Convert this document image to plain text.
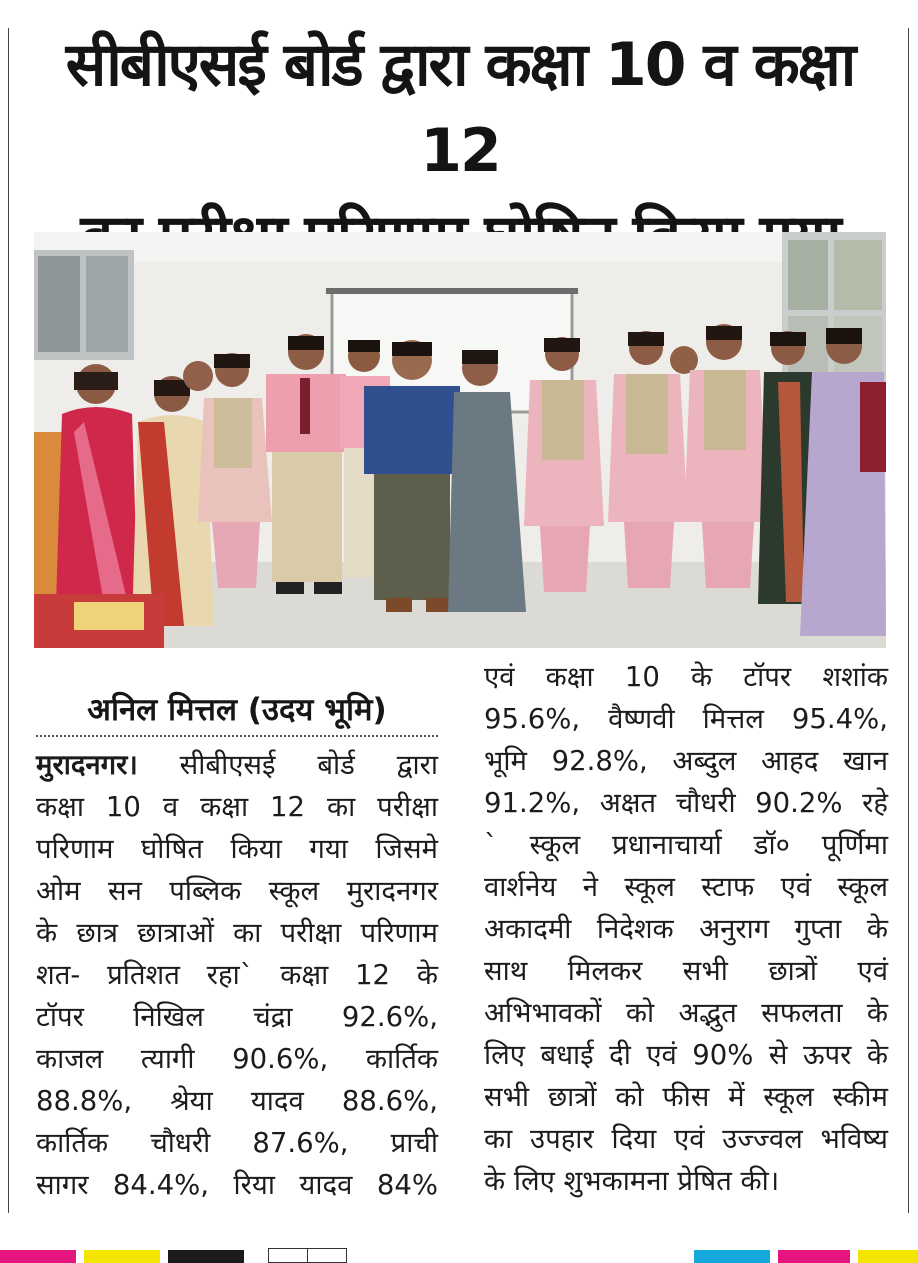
सीबीएसई बोर्ड द्वारा कक्षा 10 व कक्षा 12
अनिल मित्तल (उदय भूमि)

मुरादनगर। सीबीएसई बोर्ड द्वारा

कक्षा 10 व कक्षा 12 का परीक्षा

परिणाम घोषित किया गया जिसमे

ओम सन पब्लिक स्कूल मुरादनगर

के छात्र छात्राओं का परीक्षा परिणाम

शत- प्रतिशत रहा` कक्षा 12 के

टॉपर निखिल चंद्रा 92.6%,

काजल त्यागी 90.6%, कार्तिक

88.8%, श्रेया यादव 88.6%,

कार्तिक चौधरी 87.6%, प्राची

सागर 84.4%, रिया यादव 84%

एवं कक्षा 10 के टॉपर शशांक

95.6%, वैष्णवी मित्तल 95.4%,

भूमि 92.8%, अब्दुल आहद खान

91.2%, अक्षत चौधरी 90.2% रहे

` स्कूल प्रधानाचार्या डॉ० पूर्णिमा

वार्शनेय ने स्कूल स्टाफ एवं स्कूल

अकादमी निदेशक अनुराग गुप्ता के

साथ मिलकर सभी छात्रों एवं

अभिभावकों को अद्भुत सफलता के

लिए बधाई दी एवं 90% से ऊपर के

सभी छात्रों को फीस में स्कूल स्कीम

का उपहार दिया एवं उज्ज्वल भविष्य

के लिए शुभकामना प्रेषित की।
